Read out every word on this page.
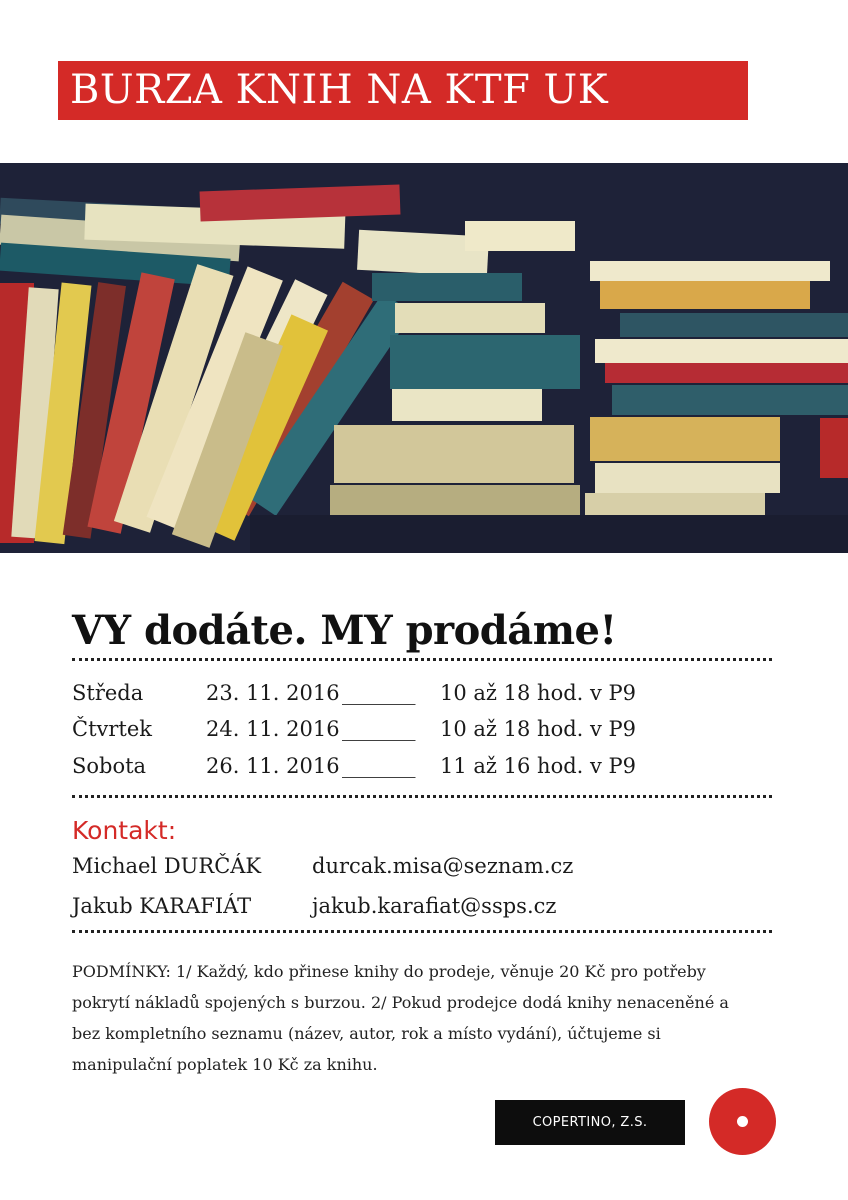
BURZA KNIH NA KTF UK
VY dodáte. MY prodáme!
Středa	23. 11. 2016 _______ 10 až 18 hod. v P9
Čtvrtek	24. 11. 2016 _______ 10 až 18 hod. v P9
Sobota	26. 11. 2016 _______ 11 až 16 hod. v P9
Kontakt:
Michael DURČÁK durcak.misa@seznam.cz
Jakub KARAFIÁT	jakub.karafiat@ssps.cz
PODMÍNKY: 1/ Každý, kdo přinese knihy do prodeje, věnuje 20 Kč pro potřeby pokrytí nákladů spojených s burzou. 2/ Pokud prodejce dodá knihy nenaceněné a bez kompletního seznamu (název, autor, rok a místo vydání), účtujeme si manipulační poplatek 10 Kč za knihu.
COPERTINO, Z.S.
